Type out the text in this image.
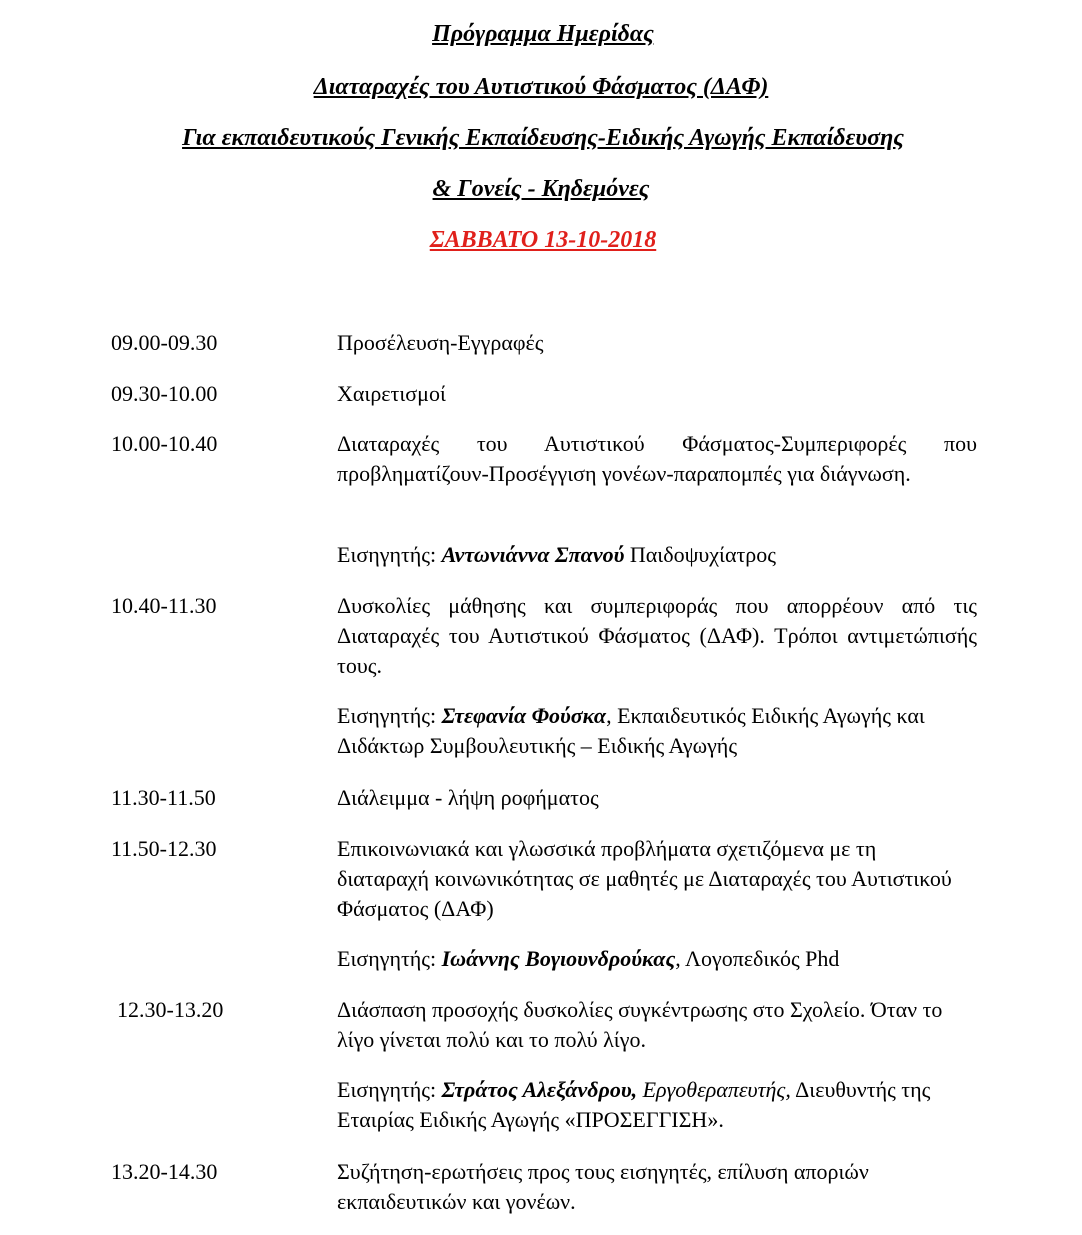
Πρόγραμμα Ημερίδας
Διαταραχές του Αυτιστικού Φάσματος (ΔΑΦ)
Για εκπαιδευτικούς Γενικής Εκπαίδευσης-Ειδικής Αγωγής Εκπαίδευσης
& Γονείς - Κηδεμόνες
ΣΑΒΒΑΤΟ 13-10-2018
09.00-09.30	Προσέλευση-Εγγραφές
09.30-10.00	Χαιρετισμοί
10.00-10.40	Διαταραχές του Αυτιστικού Φάσματος-Συμπεριφορές που προβληματίζουν-Προσέγγιση γονέων-παραπομπές για διάγνωση.
Εισηγητής: Αντωνιάννα Σπανού Παιδοψυχίατρος
10.40-11.30	Δυσκολίες μάθησης και συμπεριφοράς που απορρέουν από τις Διαταραχές του Αυτιστικού Φάσματος (ΔΑΦ). Τρόποι αντιμετώπισής τους.
Εισηγητής: Στεφανία Φούσκα, Εκπαιδευτικός Ειδικής Αγωγής και Διδάκτωρ Συμβουλευτικής – Ειδικής Αγωγής
11.30-11.50	Διάλειμμα - λήψη ροφήματος
11.50-12.30	Επικοινωνιακά και γλωσσικά προβλήματα σχετιζόμενα με τη διαταραχή κοινωνικότητας σε μαθητές με Διαταραχές του Αυτιστικού Φάσματος (ΔΑΦ)
Εισηγητής: Ιωάννης Βογιουνδρούκας, Λογοπεδικός Phd
12.30-13.20	Διάσπαση προσοχής δυσκολίες συγκέντρωσης στο Σχολείο. Όταν το λίγο γίνεται πολύ και το πολύ λίγο.
Εισηγητής: Στράτος Αλεξάνδρου, Εργοθεραπευτής, Διευθυντής της Εταιρίας Ειδικής Αγωγής «ΠΡΟΣΕΓΓΙΣΗ».
13.20-14.30	Συζήτηση-ερωτήσεις προς τους εισηγητές, επίλυση αποριών εκπαιδευτικών και γονέων.
